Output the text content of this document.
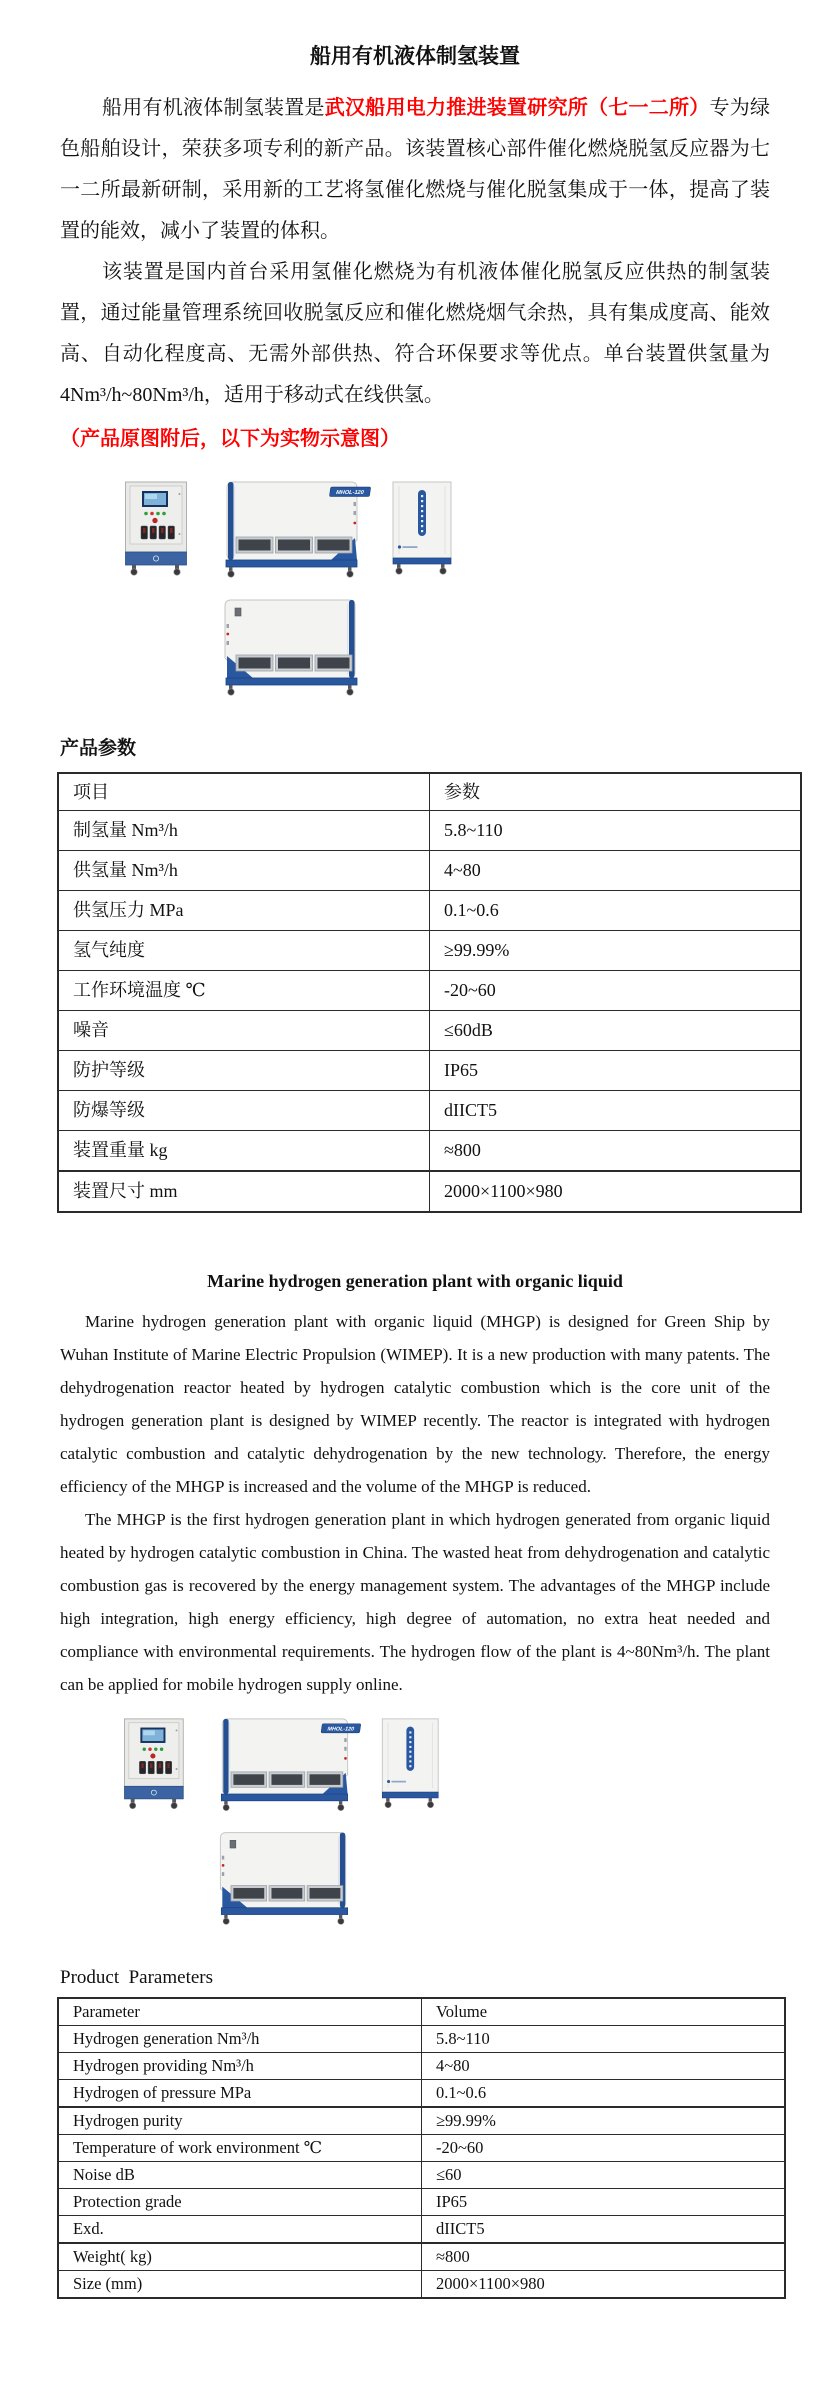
船用有机液体制氢装置

船用有机液体制氢装置是武汉船用电力推进装置研究所（七一二所）专为绿色船舶设计，荣获多项专利的新产品。该装置核心部件催化燃烧脱氢反应器为七一二所最新研制，采用新的工艺将氢催化燃烧与催化脱氢集成于一体，提高了装置的能效，减小了装置的体积。

该装置是国内首台采用氢催化燃烧为有机液体催化脱氢反应供热的制氢装置，通过能量管理系统回收脱氢反应和催化燃烧烟气余热，具有集成度高、能效高、自动化程度高、无需外部供热、符合环保要求等优点。单台装置供氢量为4Nm³/h~80Nm³/h，适用于移动式在线供氢。

（产品原图附后，以下为实物示意图）

产品参数
项目	参数
制氢量 Nm³/h	5.8~110
供氢量 Nm³/h	4~80
供氢压力 MPa	0.1~0.6
氢气纯度	≥99.99%
工作环境温度 ℃	-20~60
噪音	≤60dB
防护等级	IP65
防爆等级	dIICT5
装置重量 kg	≈800
装置尺寸 mm	2000×1100×980
Marine hydrogen generation plant with organic liquid

Marine hydrogen generation plant with organic liquid (MHGP) is designed for Green Ship by Wuhan Institute of Marine Electric Propulsion (WIMEP). It is a new production with many patents. The dehydrogenation reactor heated by hydrogen catalytic combustion which is the core unit of the hydrogen generation plant is designed by WIMEP recently. The reactor is integrated with hydrogen catalytic combustion and catalytic dehydrogenation by the new technology. Therefore, the energy efficiency of the MHGP is increased and the volume of the MHGP is reduced.

The MHGP is the first hydrogen generation plant in which hydrogen generated from organic liquid heated by hydrogen catalytic combustion in China. The wasted heat from dehydrogenation and catalytic combustion gas is recovered by the energy management system. The advantages of the MHGP include high integration, high energy efficiency, high degree of automation, no extra heat needed and compliance with environmental requirements. The hydrogen flow of the plant is 4~80Nm³/h. The plant can be applied for mobile hydrogen supply online.

Product  Parameters
Parameter	Volume
Hydrogen generation Nm³/h	5.8~110
Hydrogen providing Nm³/h	4~80
Hydrogen of pressure MPa	0.1~0.6
Hydrogen purity	≥99.99%
Temperature of work environment ℃	-20~60
Noise dB	≤60
Protection grade	IP65
Exd.	dIICT5
Weight( kg)	≈800
Size (mm)	2000×1100×980
